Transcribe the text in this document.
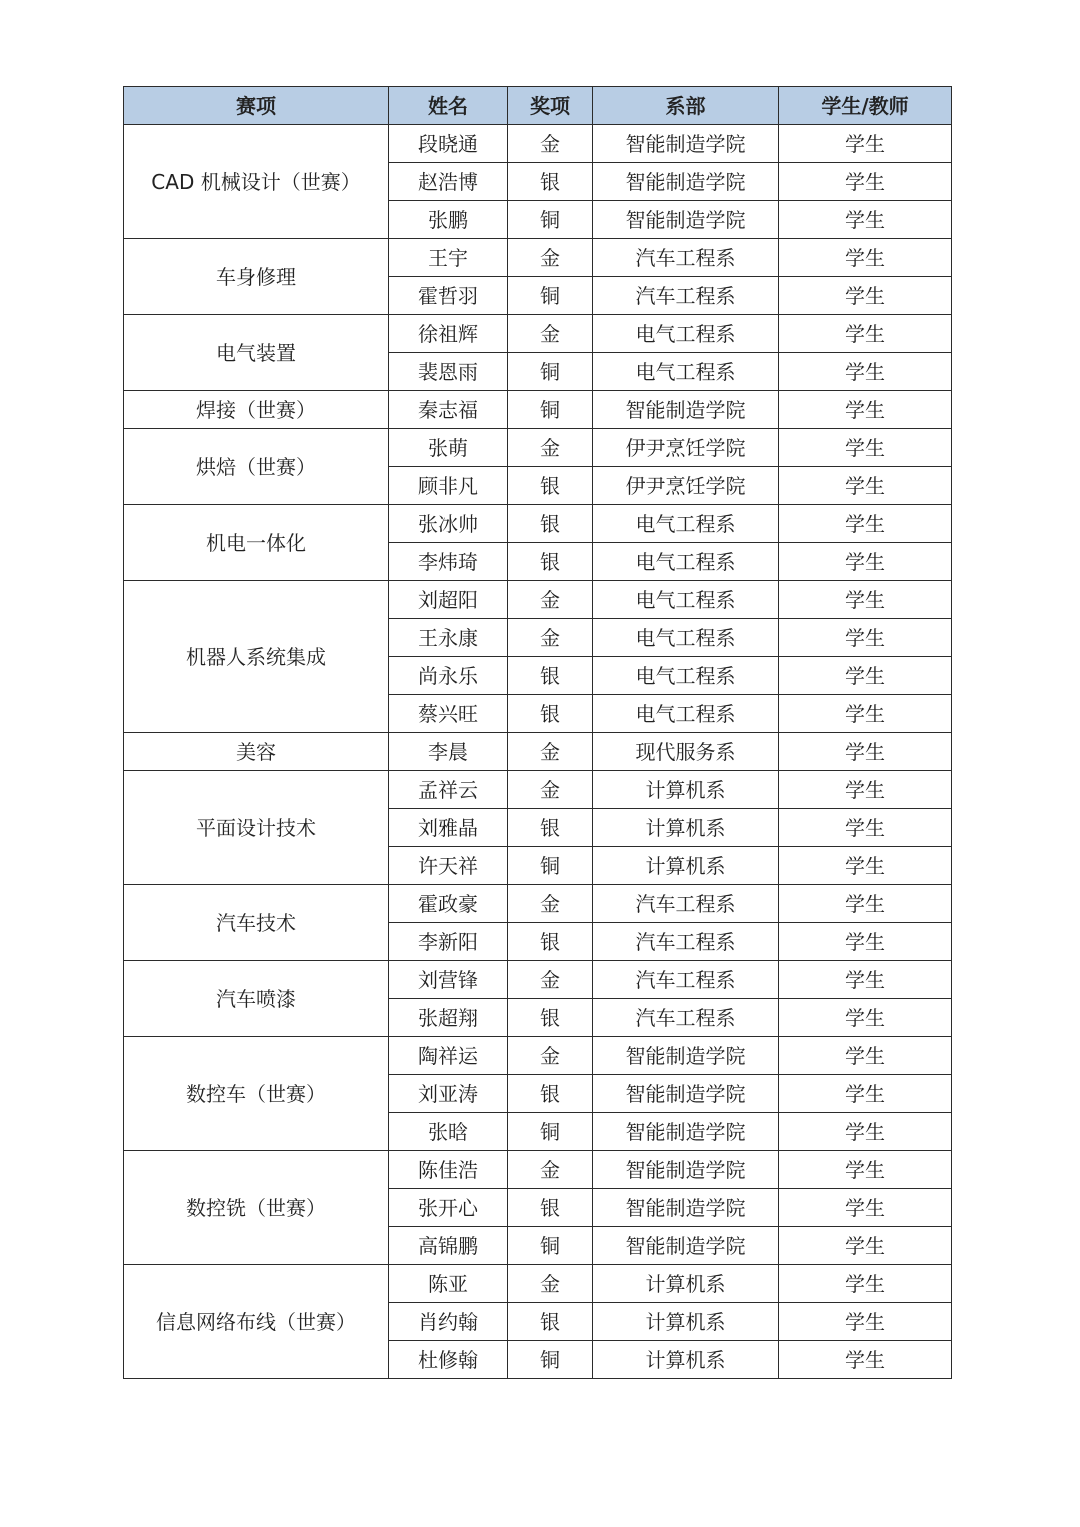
赛项	姓名	奖项	系部	学生/教师
CAD 机械设计（世赛）	段晓通	金	智能制造学院	学生
	赵浩博	银	智能制造学院	学生
	张鹏	铜	智能制造学院	学生
车身修理	王宇	金	汽车工程系	学生
	霍哲羽	铜	汽车工程系	学生
电气装置	徐祖辉	金	电气工程系	学生
	裴恩雨	铜	电气工程系	学生
焊接（世赛）	秦志福	铜	智能制造学院	学生
烘焙（世赛）	张萌	金	伊尹烹饪学院	学生
	顾非凡	银	伊尹烹饪学院	学生
机电一体化	张冰帅	银	电气工程系	学生
	李炜琦	银	电气工程系	学生
机器人系统集成	刘超阳	金	电气工程系	学生
	王永康	金	电气工程系	学生
	尚永乐	银	电气工程系	学生
	蔡兴旺	银	电气工程系	学生
美容	李晨	金	现代服务系	学生
平面设计技术	孟祥云	金	计算机系	学生
	刘雅晶	银	计算机系	学生
	许天祥	铜	计算机系	学生
汽车技术	霍政豪	金	汽车工程系	学生
	李新阳	银	汽车工程系	学生
汽车喷漆	刘营锋	金	汽车工程系	学生
	张超翔	银	汽车工程系	学生
数控车（世赛）	陶祥运	金	智能制造学院	学生
	刘亚涛	银	智能制造学院	学生
	张晗	铜	智能制造学院	学生
数控铣（世赛）	陈佳浩	金	智能制造学院	学生
	张开心	银	智能制造学院	学生
	高锦鹏	铜	智能制造学院	学生
信息网络布线（世赛）	陈亚	金	计算机系	学生
	肖约翰	银	计算机系	学生
	杜修翰	铜	计算机系	学生
